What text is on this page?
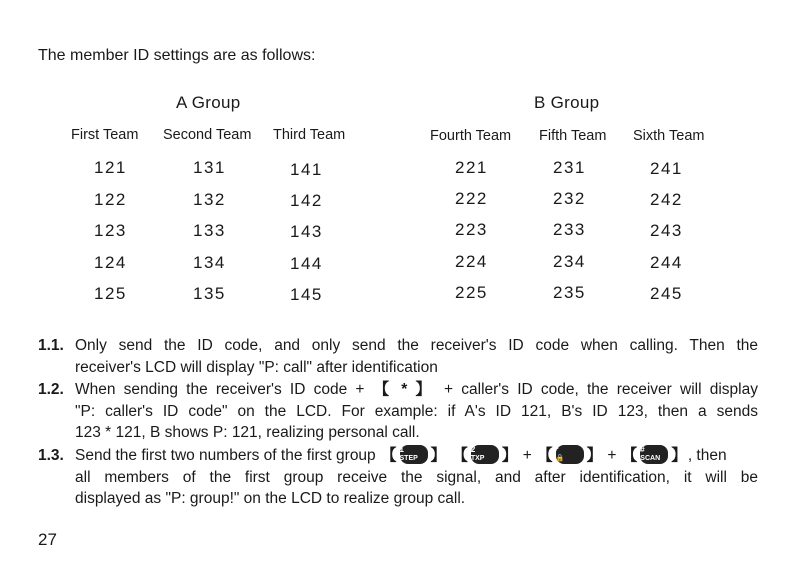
The member ID settings are as follows:
A Group	B Group
First Team Second Team Third Team	Fourth Team Fifth Team Sixth Team
121	131	141	221	231	241
122	132	142	222	232	242
123	133	143	223	233	243
124	134	144	224	234	244
125	135	145	225	235	245
1.1. Only send the ID code, and only send the receiver's ID code when calling. Then the
receiver's LCD will display "P: call" after identification
1.2. When sending the receiver's ID code + 【 * 】 + caller's ID code, the receiver will display
"P: caller's ID code" on the LCD. For example: if A's ID 121, B's ID 123, then a sends
123 * 121, B shows P: 121, realizing personal call.
1.3. Send the first two numbers of the first group 【 1
STEP 】 【 2
TXP	】 + 【 *
🔒	】 + 【 #
SCAN 】, then
all members of the first group receive the signal, and after identification, it will be
displayed as "P: group!" on the LCD to realize group call.
27
